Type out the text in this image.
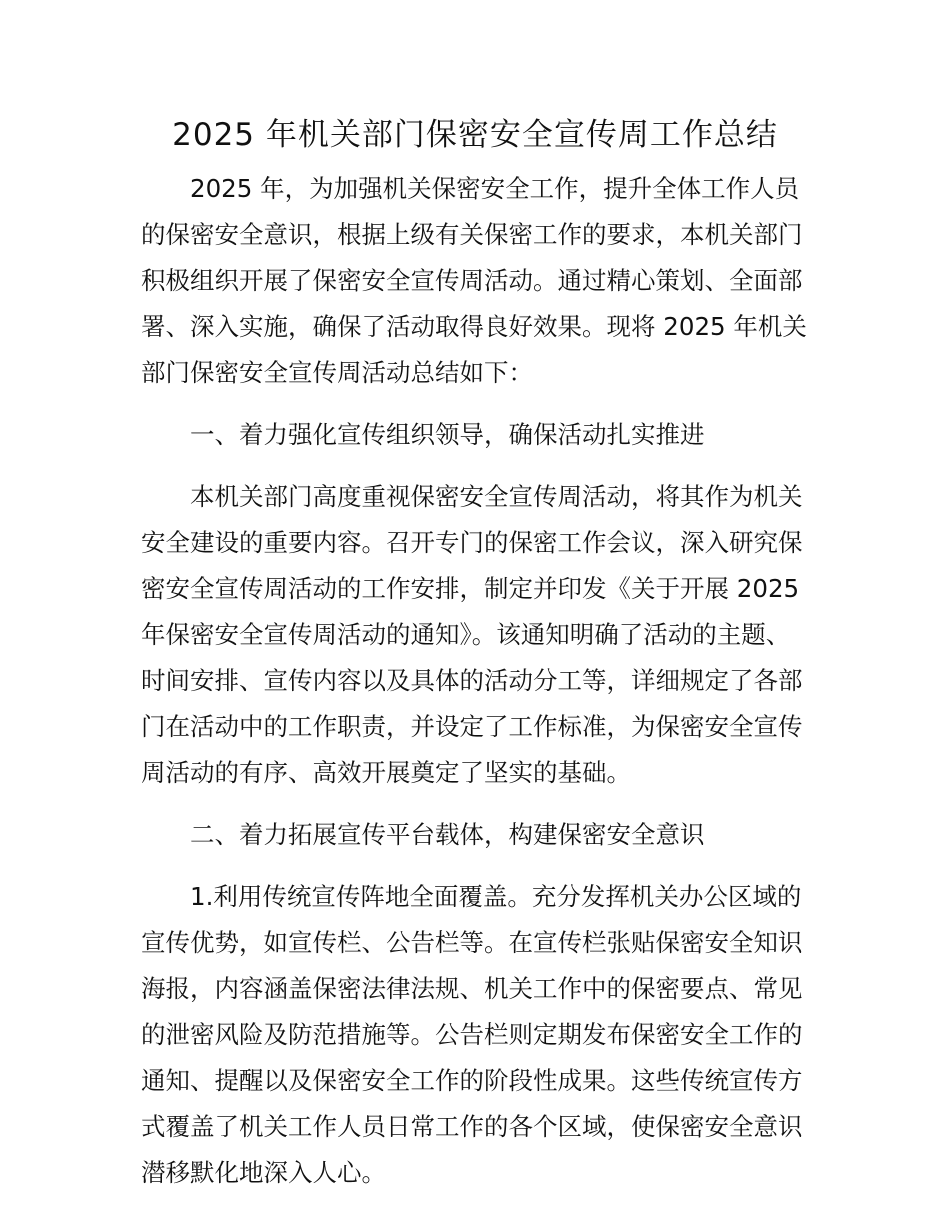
2025 年机关部门保密安全宣传周工作总结
2025 年，为加强机关保密安全工作，提升全体工作人员
的保密安全意识，根据上级有关保密工作的要求，本机关部门
积极组织开展了保密安全宣传周活动。通过精心策划、全面部
署、深入实施，确保了活动取得良好效果。现将 2025 年机关
部门保密安全宣传周活动总结如下：
一、着力强化宣传组织领导，确保活动扎实推进
本机关部门高度重视保密安全宣传周活动，将其作为机关
安全建设的重要内容。召开专门的保密工作会议，深入研究保
密安全宣传周活动的工作安排，制定并印发《关于开展 2025
年保密安全宣传周活动的通知》。该通知明确了活动的主题、
时间安排、宣传内容以及具体的活动分工等，详细规定了各部
门在活动中的工作职责，并设定了工作标准，为保密安全宣传
周活动的有序、高效开展奠定了坚实的基础。
二、着力拓展宣传平台载体，构建保密安全意识
1.利用传统宣传阵地全面覆盖。充分发挥机关办公区域的
宣传优势，如宣传栏、公告栏等。在宣传栏张贴保密安全知识
海报，内容涵盖保密法律法规、机关工作中的保密要点、常见
的泄密风险及防范措施等。公告栏则定期发布保密安全工作的
通知、提醒以及保密安全工作的阶段性成果。这些传统宣传方
式覆盖了机关工作人员日常工作的各个区域，使保密安全意识
潜移默化地深入人心。
